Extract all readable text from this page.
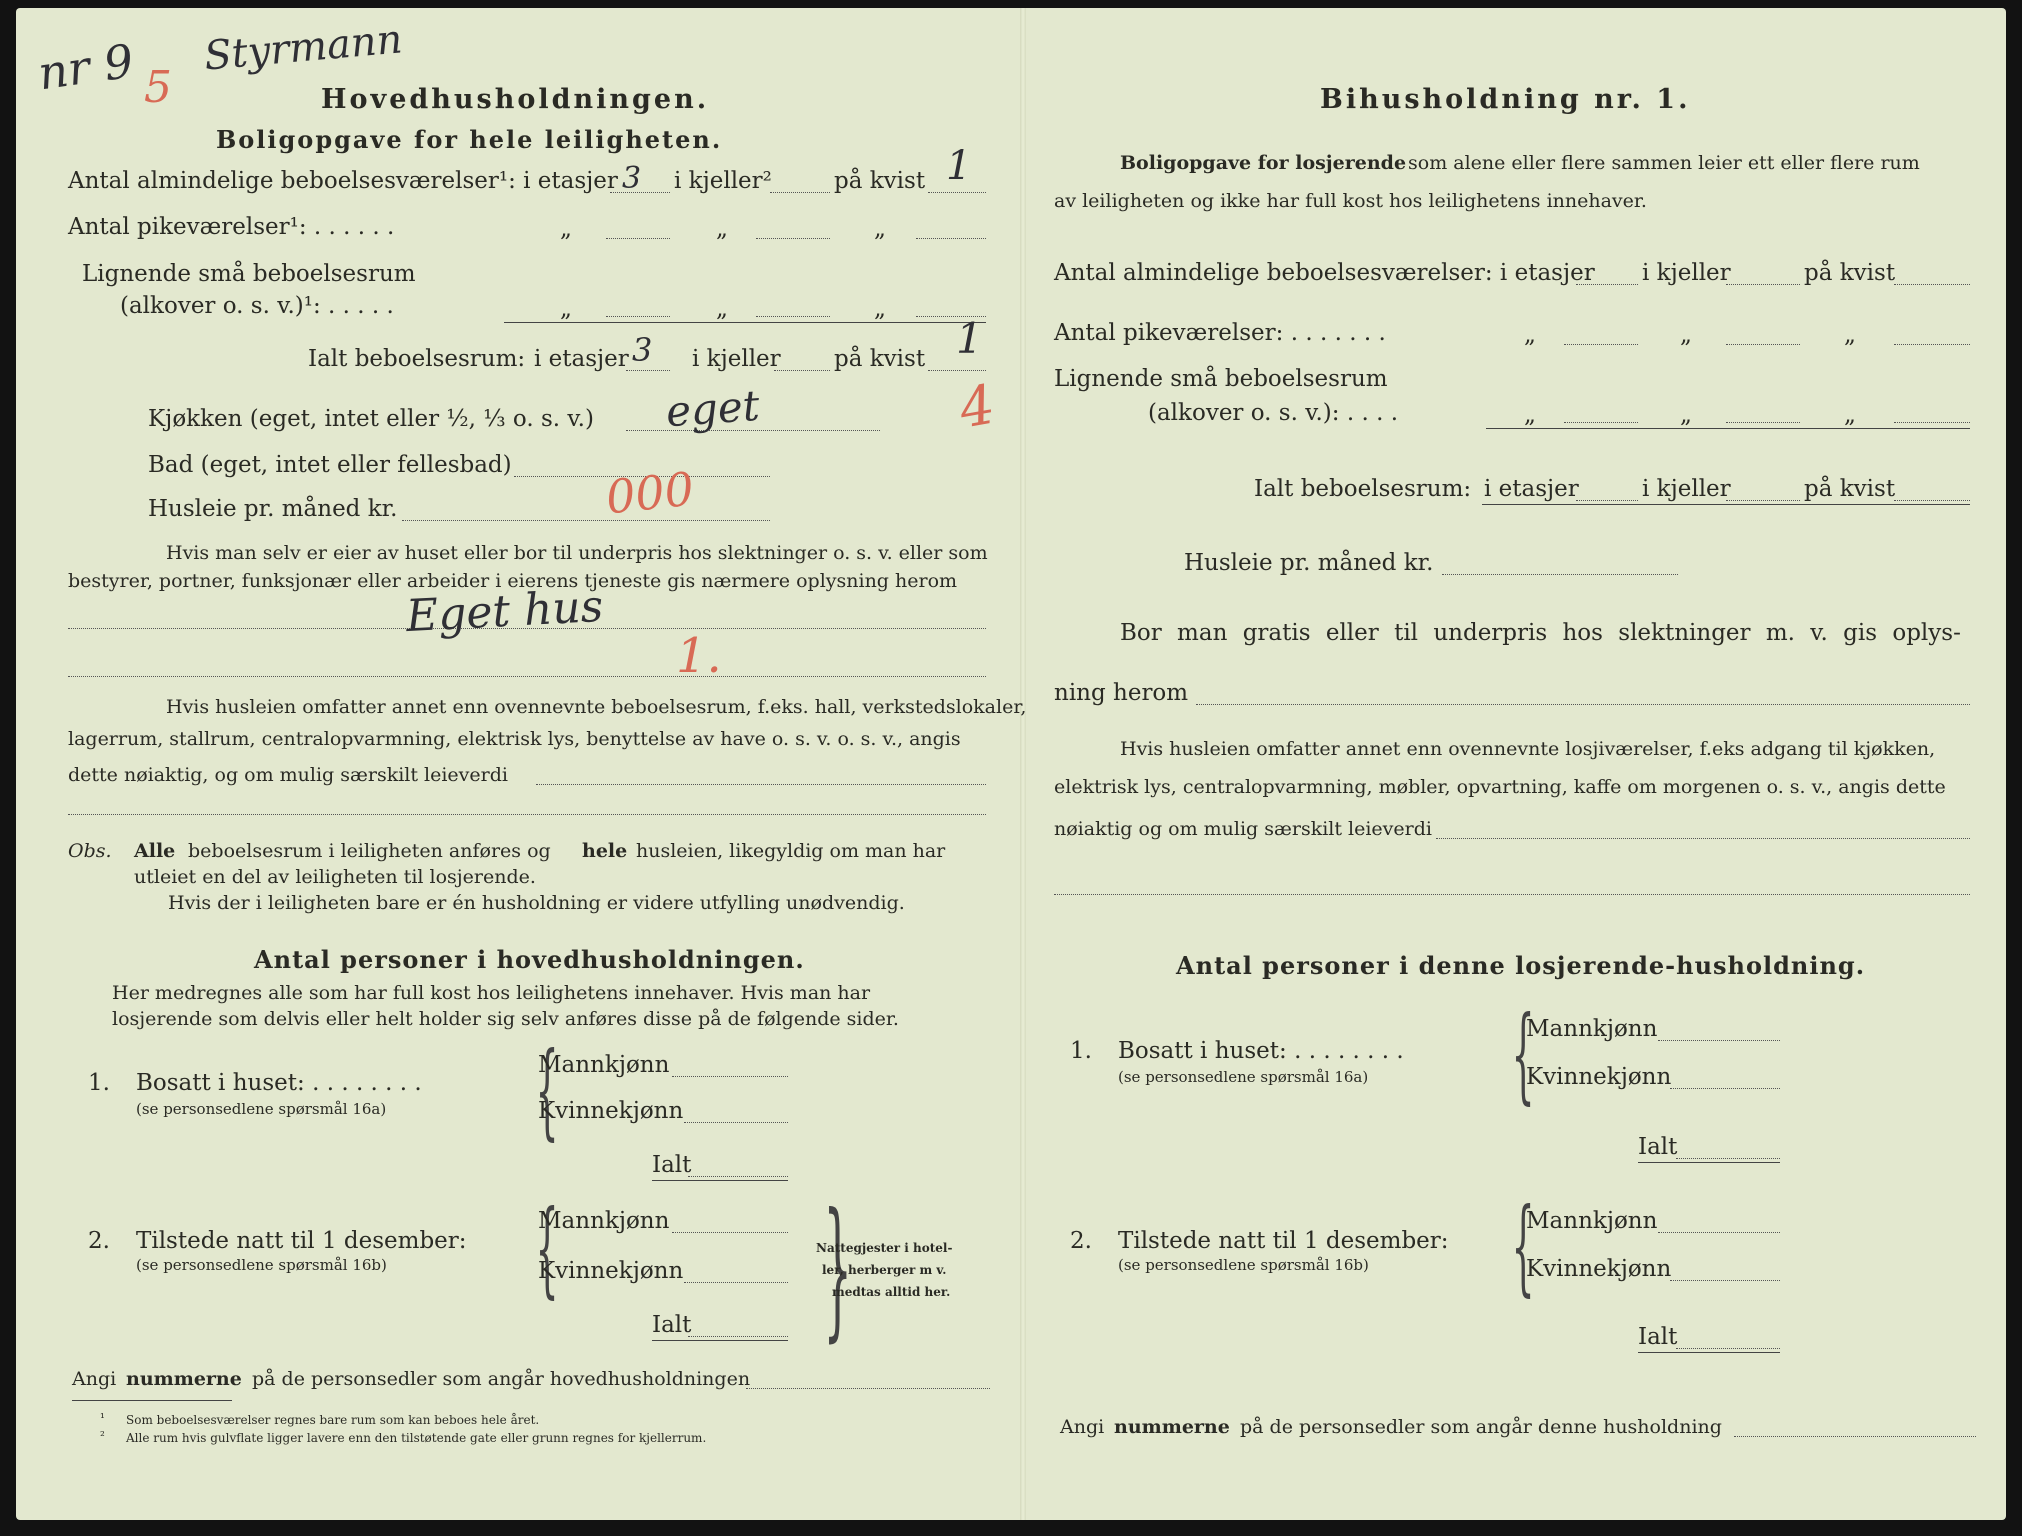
nr 9 5
Styrmann
Hovedhusholdningen.
Boligopgave for hele leiligheten.
Antal almindelige beboelsesværelser¹: i etasjer 3 i kjeller²	på kvist 1
Antal pikeværelser¹: . . . . . .	„	„	„
Lignende små beboelsesrum
(alkover o. s. v.)¹: . . . . .	„	„	„
Ialt beboelsesrum: i etasjer 3 i kjeller på kvist 1
4
Kjøkken (eget, intet eller ½, ⅓ o. s. v.) eget
Bad (eget, intet eller fellesbad)
Husleie pr. måned kr.	000
Hvis man selv er eier av huset eller bor til underpris hos slektninger o. s. v. eller som
bestyrer, portner, funksjonær eller arbeider i eierens tjeneste gis nærmere oplysning herom
Eget hus
1.
Hvis husleien omfatter annet enn ovennevnte beboelsesrum, f.eks. hall, verkstedslokaler,
lagerrum, stallrum, centralopvarmning, elektrisk lys, benyttelse av have o. s. v. o. s. v., angis
dette nøiaktig, og om mulig særskilt leieverdi
Obs. Alle beboelsesrum i leiligheten anføres og hele husleien, likegyldig om man har
utleiet en del av leiligheten til losjerende.
Hvis der i leiligheten bare er én husholdning er videre utfylling unødvendig.
Antal personer i hovedhusholdningen.
Her medregnes alle som har full kost hos leilighetens innehaver. Hvis man har
losjerende som delvis eller helt holder sig selv anføres disse på de følgende sider.
1. Bosatt i huset: . . . . . . . .
(se personsedlene spørsmål 16a) {
Mannkjønn
Kvinnekjønn
Ialt
2. Tilstede natt til 1 desember:
(se personsedlene spørsmål 16b) {
Mannkjønn
Kvinnekjønn
Ialt }
Nattegjester i hotel-
ler, herberger m v.
medtas alltid her.
Angi nummerne på de personsedler som angår hovedhusholdningen
¹ Som beboelsesværelser regnes bare rum som kan beboes hele året.
² Alle rum hvis gulvflate ligger lavere enn den tilstøtende gate eller grunn regnes for kjellerrum.
Bihusholdning nr. 1.
Boligopgave for losjerende som alene eller flere sammen leier ett eller flere rum
av leiligheten og ikke har full kost hos leilighetens innehaver.
Antal almindelige beboelsesværelser: i etasjer i kjeller	på kvist
Antal pikeværelser: . . . . . . .	„	„	„
Lignende små beboelsesrum
(alkover o. s. v.): . . . .	„	„	„
Ialt beboelsesrum: i etasjer	i kjeller	på kvist
Husleie pr. måned kr.
Bor man gratis eller til underpris hos slektninger m. v. gis oplys-
ning herom
Hvis husleien omfatter annet enn ovennevnte losjiværelser, f.eks adgang til kjøkken,
elektrisk lys, centralopvarmning, møbler, opvartning, kaffe om morgenen o. s. v., angis dette
nøiaktig og om mulig særskilt leieverdi
Antal personer i denne losjerende-husholdning.
1. Bosatt i huset: . . . . . . . .
(se personsedlene spørsmål 16a) {
Mannkjønn
Kvinnekjønn
Ialt
2. Tilstede natt til 1 desember:
(se personsedlene spørsmål 16b) {
Mannkjønn
Kvinnekjønn
Ialt
Angi nummerne på de personsedler som angår denne husholdning
